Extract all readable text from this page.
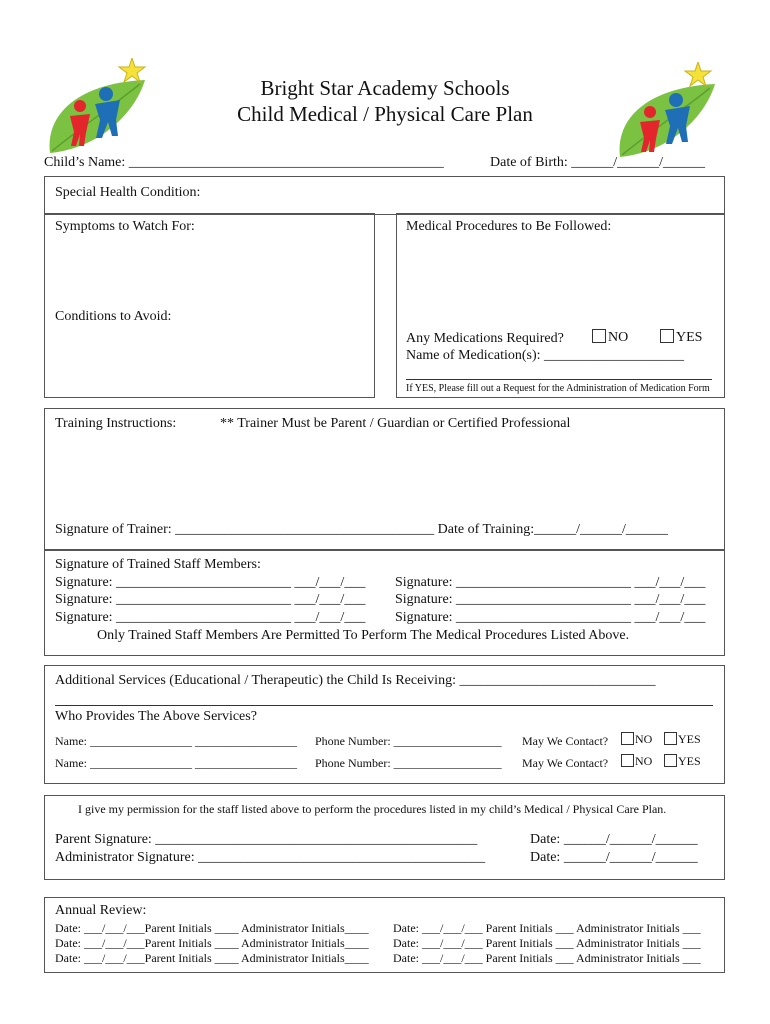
Bright Star Academy Schools
Child Medical / Physical Care Plan
Child’s Name: _____________________________________________	Date of Birth: ______/______/______
Special Health Condition:
Symptoms to Watch For:	Medical Procedures to Be Followed:
Conditions to Avoid:
Any Medications Required?	NO	YES
Name of Medication(s): ____________________
If YES, Please fill out a Request for the Administration of Medication Form
Training Instructions:	** Trainer Must be Parent / Guardian or Certified Professional
Signature of Trainer: _____________________________________ Date of Training:______/______/______
Signature of Trained Staff Members:
Signature: _________________________ ___/___/___ Signature: _________________________ ___/___/___
Signature: _________________________ ___/___/___ Signature: _________________________ ___/___/___
Signature: _________________________ ___/___/___ Signature: _________________________ ___/___/___
Only Trained Staff Members Are Permitted To Perform The Medical Procedures Listed Above.
Additional Services (Educational / Therapeutic) the Child Is Receiving: ____________________________
Who Provides The Above Services?
Name: _________________ _________________ Phone Number: __________________ May We Contact?	NO	YES
Name: _________________ _________________ Phone Number: __________________ May We Contact?	NO	YES
I give my permission for the staff listed above to perform the procedures listed in my child’s Medical / Physical Care Plan.
Parent Signature: ______________________________________________	Date: ______/______/______
Administrator Signature: _________________________________________	Date: ______/______/______
Annual Review:
Date: ___/___/___Parent Initials ____ Administrator Initials____ Date: ___/___/___ Parent Initials ___ Administrator Initials ___
Date: ___/___/___Parent Initials ____ Administrator Initials____ Date: ___/___/___ Parent Initials ___ Administrator Initials ___
Date: ___/___/___Parent Initials ____ Administrator Initials____ Date: ___/___/___ Parent Initials ___ Administrator Initials ___
